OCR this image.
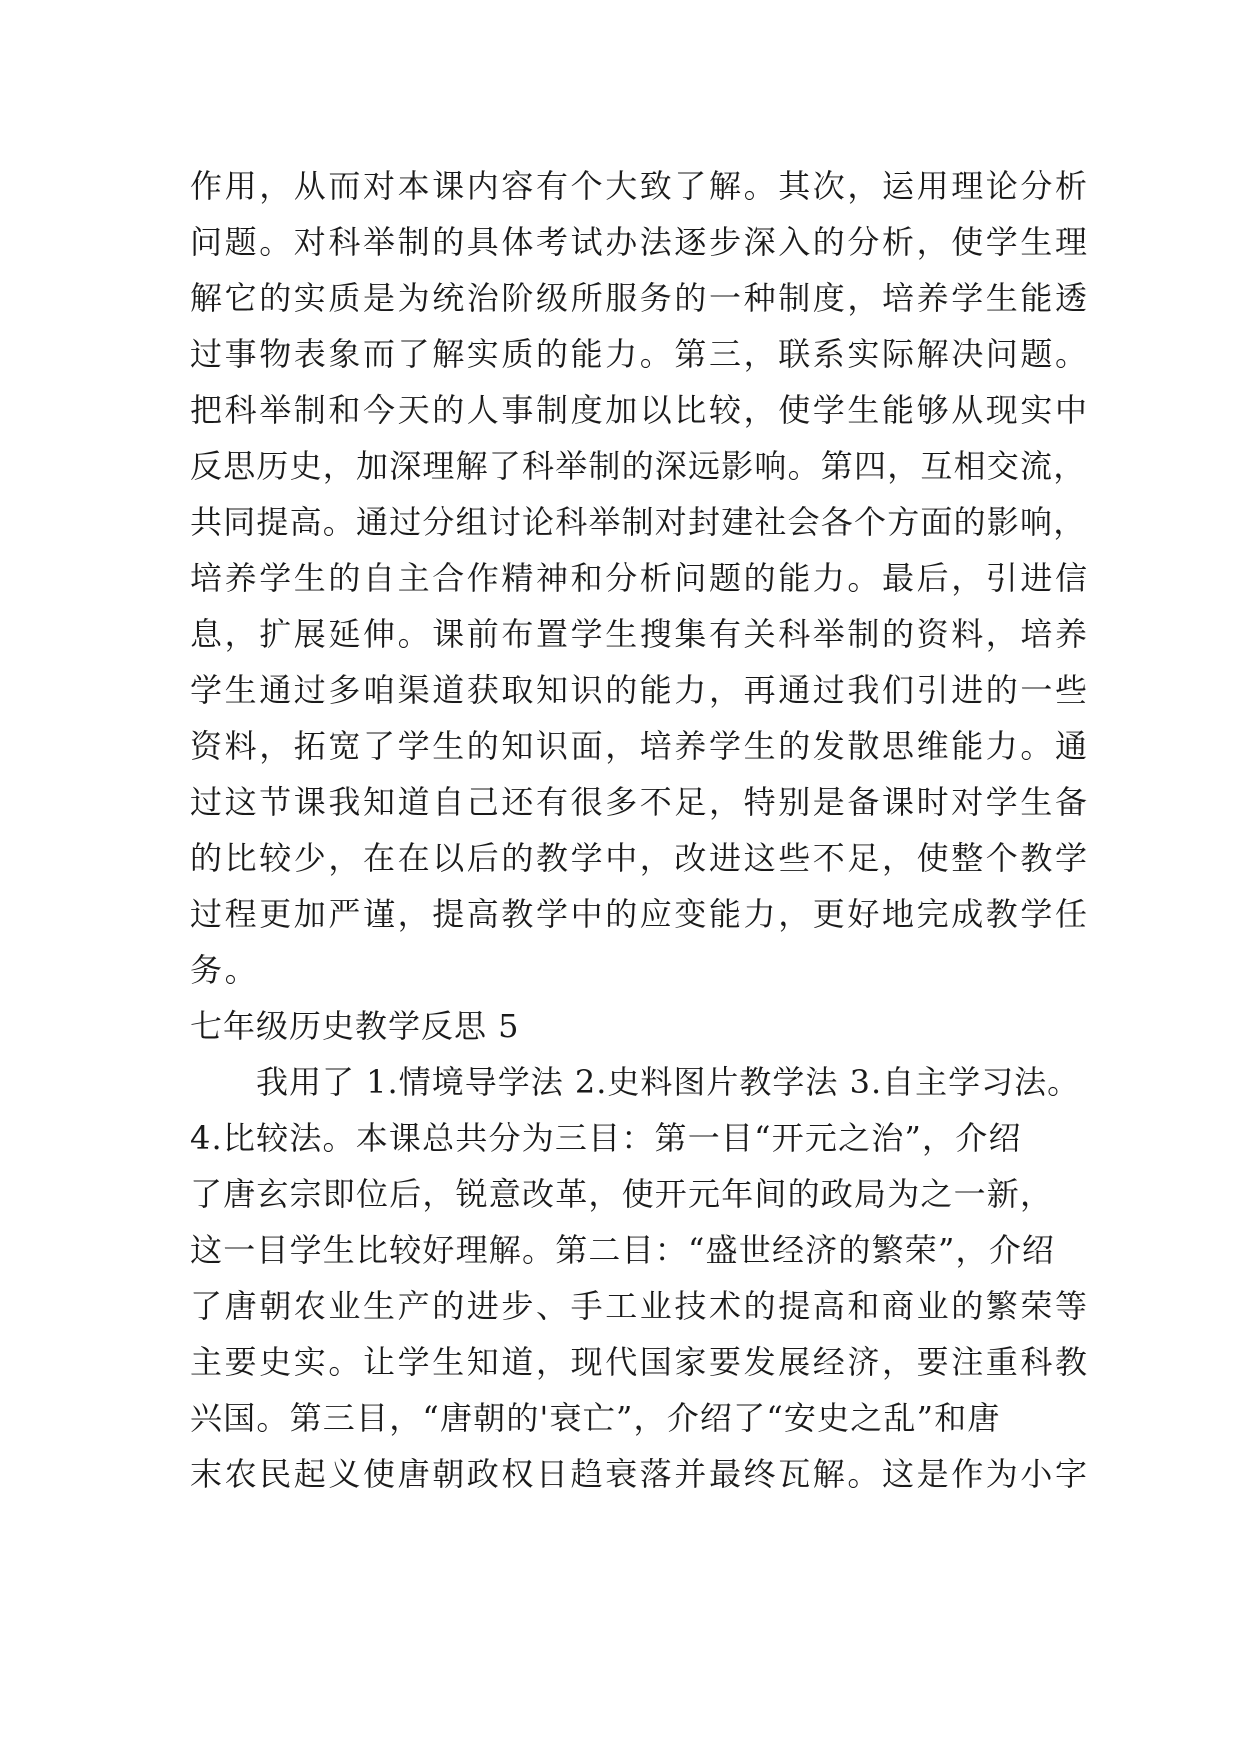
作用，从而对本课内容有个大致了解。其次，运用理论分析
问题。对科举制的具体考试办法逐步深入的分析，使学生理
解它的实质是为统治阶级所服务的一种制度，培养学生能透
过事物表象而了解实质的能力。第三，联系实际解决问题。
把科举制和今天的人事制度加以比较，使学生能够从现实中
反思历史，加深理解了科举制的深远影响。第四，互相交流，
共同提高。通过分组讨论科举制对封建社会各个方面的影响，
培养学生的自主合作精神和分析问题的能力。最后，引进信
息，扩展延伸。课前布置学生搜集有关科举制的资料，培养
学生通过多咱渠道获取知识的能力，再通过我们引进的一些
资料，拓宽了学生的知识面，培养学生的发散思维能力。通
过这节课我知道自己还有很多不足，特别是备课时对学生备
的比较少，在在以后的教学中，改进这些不足，使整个教学
过程更加严谨，提高教学中的应变能力，更好地完成教学任
务。
七年级历史教学反思 5
我用了 1.情境导学法 2.史料图片教学法 3.自主学习法。
4.比较法。本课总共分为三目：第一目“开元之治”，介绍
了唐玄宗即位后，锐意改革，使开元年间的政局为之一新，
这一目学生比较好理解。第二目：“盛世经济的繁荣”，介绍
了唐朝农业生产的进步、手工业技术的提高和商业的繁荣等
主要史实。让学生知道，现代国家要发展经济，要注重科教
兴国。第三目，“唐朝的'衰亡”，介绍了“安史之乱”和唐
末农民起义使唐朝政权日趋衰落并最终瓦解。这是作为小字
